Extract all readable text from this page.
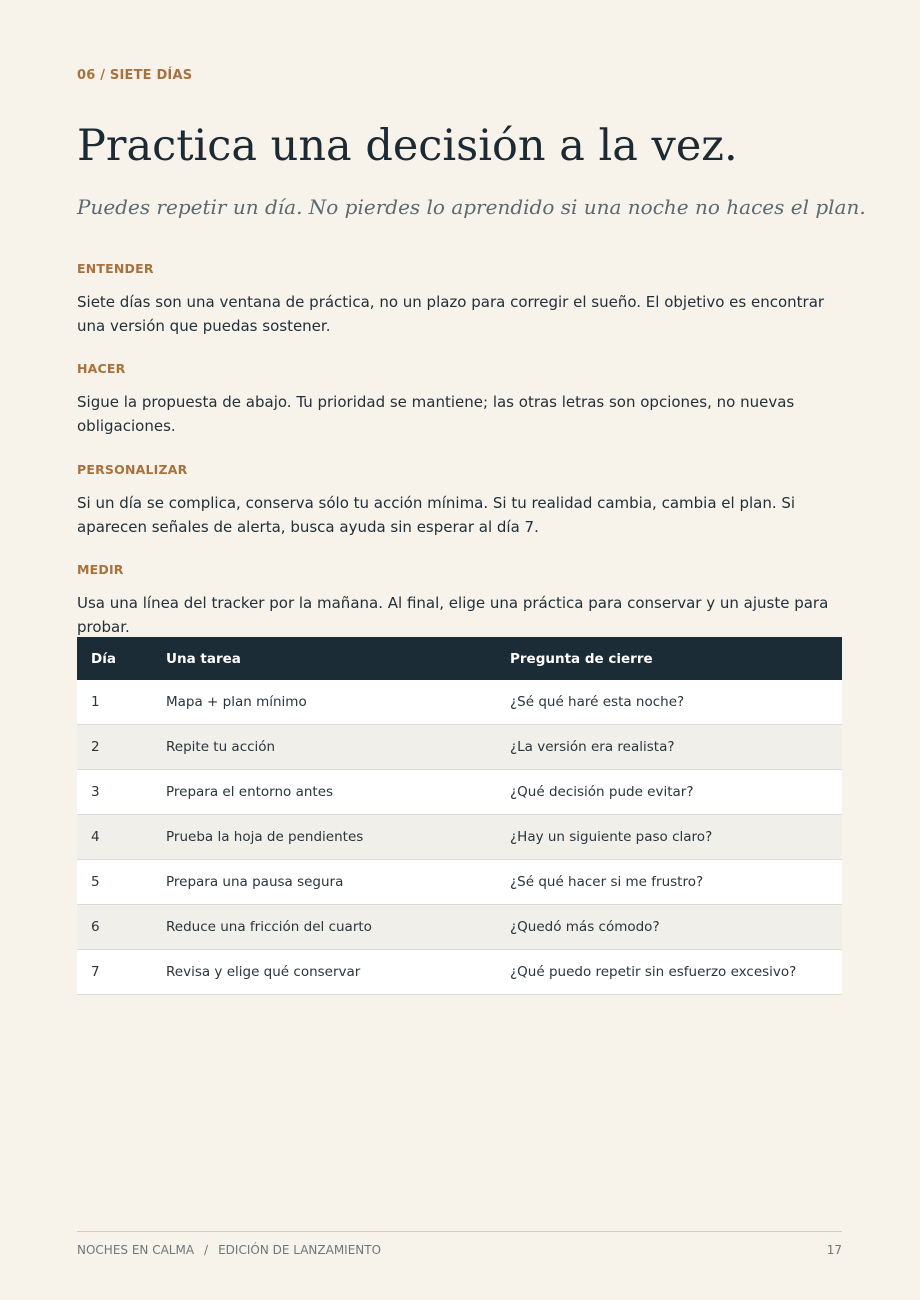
06 / SIETE DÍAS
Practica una decisión a la vez.

Puedes repetir un día. No pierdes lo aprendido si una noche no haces el plan.

ENTENDER
Siete días son una ventana de práctica, no un plazo para corregir el sueño. El objetivo es encontrar una versión que puedas sostener.
HACER
Sigue la propuesta de abajo. Tu prioridad se mantiene; las otras letras son opciones, no nuevas obligaciones.
PERSONALIZAR
Si un día se complica, conserva sólo tu acción mínima. Si tu realidad cambia, cambia el plan. Si aparecen señales de alerta, busca ayuda sin esperar al día 7.
MEDIR
Usa una línea del tracker por la mañana. Al final, elige una práctica para conservar y un ajuste para probar.
Día	Una tarea	Pregunta de cierre
1	Mapa + plan mínimo	¿Sé qué haré esta noche?
2	Repite tu acción	¿La versión era realista?
3	Prepara el entorno antes	¿Qué decisión pude evitar?
4	Prueba la hoja de pendientes	¿Hay un siguiente paso claro?
5	Prepara una pausa segura	¿Sé qué hacer si me frustro?
6	Reduce una fricción del cuarto	¿Quedó más cómodo?
7	Revisa y elige qué conservar	¿Qué puedo repetir sin esfuerzo excesivo?
NOCHES EN CALMA / EDICIÓN DE LANZAMIENTO	17
